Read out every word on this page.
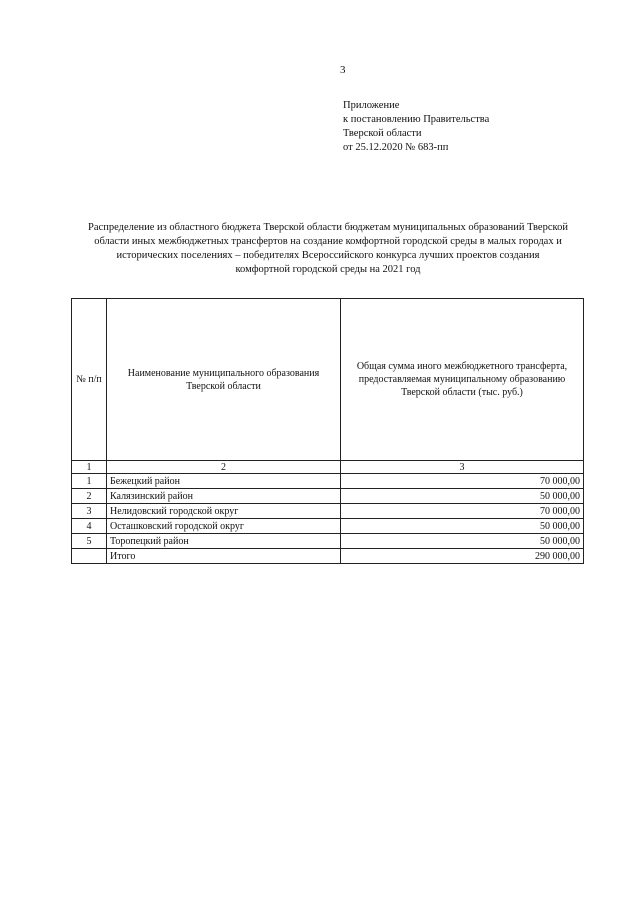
3
Приложение
к постановлению Правительства
Тверской области
от 25.12.2020 № 683-пп
Распределение из областного бюджета Тверской области бюджетам муниципальных образований Тверской области иных межбюджетных трансфертов на создание комфортной городской среды в малых городах и исторических поселениях – победителях Всероссийского конкурса лучших проектов создания комфортной городской среды на 2021 год
№ п/п	Наименование муниципального образования Тверской области	Общая сумма иного межбюджетного трансферта, предоставляемая муниципальному образованию Тверской области (тыс. руб.)
1	2	3
1	Бежецкий район	70 000,00
2	Калязинский район	50 000,00
3	Нелидовский городской округ	70 000,00
4	Осташковский городской округ	50 000,00
5	Торопецкий район	50 000,00
	Итого	290 000,00
